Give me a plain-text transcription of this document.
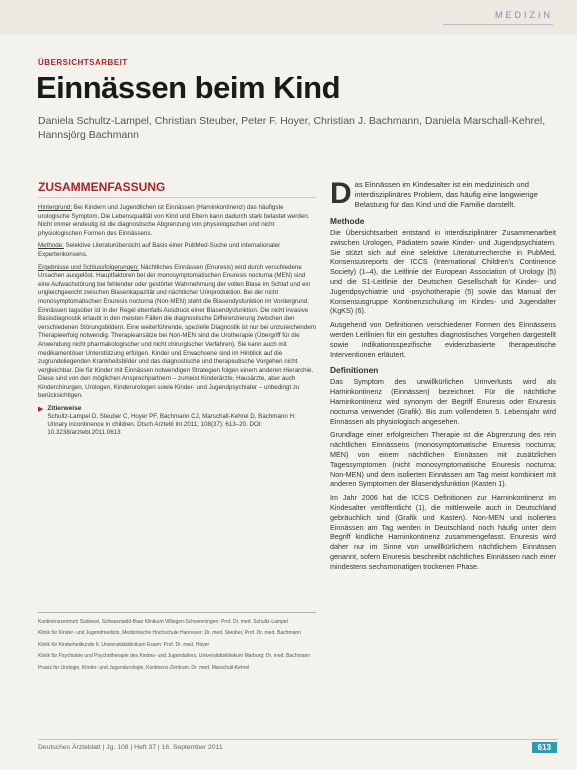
MEDIZIN
ÜBERSICHTSARBEIT
Einnässen beim Kind
Daniela Schultz-Lampel, Christian Steuber, Peter F. Hoyer, Christian J. Bachmann, Daniela Marschall-Kehrel, Hannsjörg Bachmann
ZUSAMMENFASSUNG

Hintergrund: Bei Kindern und Jugendlichen ist Einnässen (Harninkontinenz) das häufigste urologische Symptom. Die Lebensqualität von Kind und Eltern kann dadurch stark belastet werden. Nicht immer eindeutig ist die diagnostische Abgrenzung von physiologischen und nicht physiologischen Formen des Einnässens.

Methode: Selektive Literaturübersicht auf Basis einer PubMed-Suche und internationaler Expertenkonsens.

Ergebnisse und Schlussfolgerungen: Nächtliches Einnässen (Enuresis) wird durch verschiedene Ursachen ausgelöst. Hauptfaktoren bei der monosymptomatischen Enuresis nocturna (MEN) sind eine Aufwachstörung bei fehlender oder gestörter Wahrnehmung der vollen Blase im Schlaf und ein ungleichgewicht zwischen Blasenkapazität und nächtlicher Urinproduktion. Bei der nicht monosymptomatischen Enuresis nocturna (Non-MEN) steht die Blasendysfunktion im Vordergrund. Einnässen tagsüber ist in der Regel ebenfalls Ausdruck einer Blasendysfunktion. Die nicht invasive Basisdiagnostik erlaubt in den meisten Fällen die diagnostische Differenzierung zwischen den verschiedenen Störungsbildern. Eine weiterführende, spezielle Diagnostik ist nur bei unzureichendem Therapieerfolg notwendig. Therapieansätze bei Non-MEN sind die Urotherapie (Übergriff für die Anwendung nicht pharmakologischer und nicht chirurgischer Verfahren), Sie kann auch mit medikamentöser Unterstützung erfolgen. Kinder und Erwachsene sind im Hinblick auf die zugrundeliegenden Krankheitsbilder und das diagnostische und therapeutische Vorgehen nicht vergleichbar. Die für Kinder mit Einnässen notwendigen Strategien folgen einem anderen Hierarchie. Diese sind von den möglichen Ansprechpartnern – zumeist Kinderärzte, Hausärzte, aber auch Kinderchirurgen, Urologen, Kinderurologen sowie Kinder- und Jugendpsychiater – unbedingt zu berücksichtigen.

▶ Zitierweise

Schultz-Lampel D, Steuber C, Hoyer PF, Bachmann CJ, Marschall-Kehrel D, Bachmann H: Urinary incontinence in children. Dtsch Arztebl Int 2011; 108(37): 613–20. DOI: 10.3238/arztebl.2011.0613

Kontinenzzentrum Südwest, Schwarzwald-Baar Klinikum Villingen-Schwenningen: Prof. Dr. med. Schultz-Lampel

Klinik für Kinder- und Jugendmedizin, Medizinische Hochschule Hannover: Dr. med. Steuber, Prof. Dr. med. Bachmann

Klinik für Kinderheilkunde II, Universitätsklinikum Essen: Prof. Dr. med. Hoyer

Klinik für Psychiatrie und Psychotherapie des Kindes- und Jugendalters, Universitätsklinikum Marburg: Dr. med. Bachmann

Praxis für Urologie, Kinder- und Jugendurologie, Kontinenz-Zentrum: Dr. med. Marschall-Kehrel

Das Einnässen im Kindesalter ist ein medizinisch und interdisziplinäres Problem, das häufig eine langwierige Belastung für das Kind und die Familie darstellt.

Methode

Die Übersichtsarbeit entstand in interdisziplinärer Zusammenarbeit zwischen Urologen, Pädiatern sowie Kinder- und Jugendpsychiatern. Sie stützt sich auf eine selektive Literaturrecherche in PubMed, Konsensusreports der ICCS (International Children's Continence Society) (1–4), die Leitlinie der European Association of Urology (5) und die S1-Leitlinie der Deutschen Gesellschaft für Kinder- und Jugendpsychiatrie und -psychotherapie (5) sowie das Manual der Konsensusgruppe Kontinenzschulung im Kindes- und Jugendalter (KgKS) (6).

Ausgehend von Definitionen verschiedener Formen des Einnässens werden Leitlinien für ein gestuftes diagnostisches Vorgehen dargestellt sowie indikationsspezifische evidenzbasierte therapeutische Interventionen erläutert.

Definitionen

Das Symptom des unwillkürlichen Urinverlusts wird als Harninkontinenz (Einnässen) bezeichnet. Für die nächtliche Harninkontinenz wird synonym der Begriff Enuresis oder Enuresis nocturna verwendet (Grafik). Bis zum vollendeten 5. Lebensjahr wird Einnässen als physiologisch angesehen.

Grundlage einer erfolgreichen Therapie ist die Abgrenzung des rein nächtlichen Einnässens (monosymptomatische Enuresis nocturna; MEN) von einem nächtlichen Einnässen mit zusätzlichen Tagessymptomen (nicht monosymptomatische Enuresis nocturna; Non-MEN) und dem isolierten Einnässen am Tag meist kombiniert mit anderen Symptomen der Blasendysfunktion (Kasten 1).

Im Jahr 2006 hat die ICCS Definitionen zur Harninkontinenz im Kindesalter veröffentlicht (1), die mittlerweile auch in Deutschland gebräuchlich sind (Grafik und Kasten). Non-MEN und isoliertes Einnässen am Tag werden in Deutschland noch häufig unter dem Begriff kindliche Harninkontinenz zusammengefasst. Enuresis wird daher nur im Sinne von unwillkürlichem nächtlichem Einnässen genannt, sofern Enuresis beschreibt nächtliches Einnässen nach einer mindestens sechsmonatigen trockenen Phase.

Deutsches Ärzteblatt | Jg. 108 | Heft 37 | 16. September 2011	613
